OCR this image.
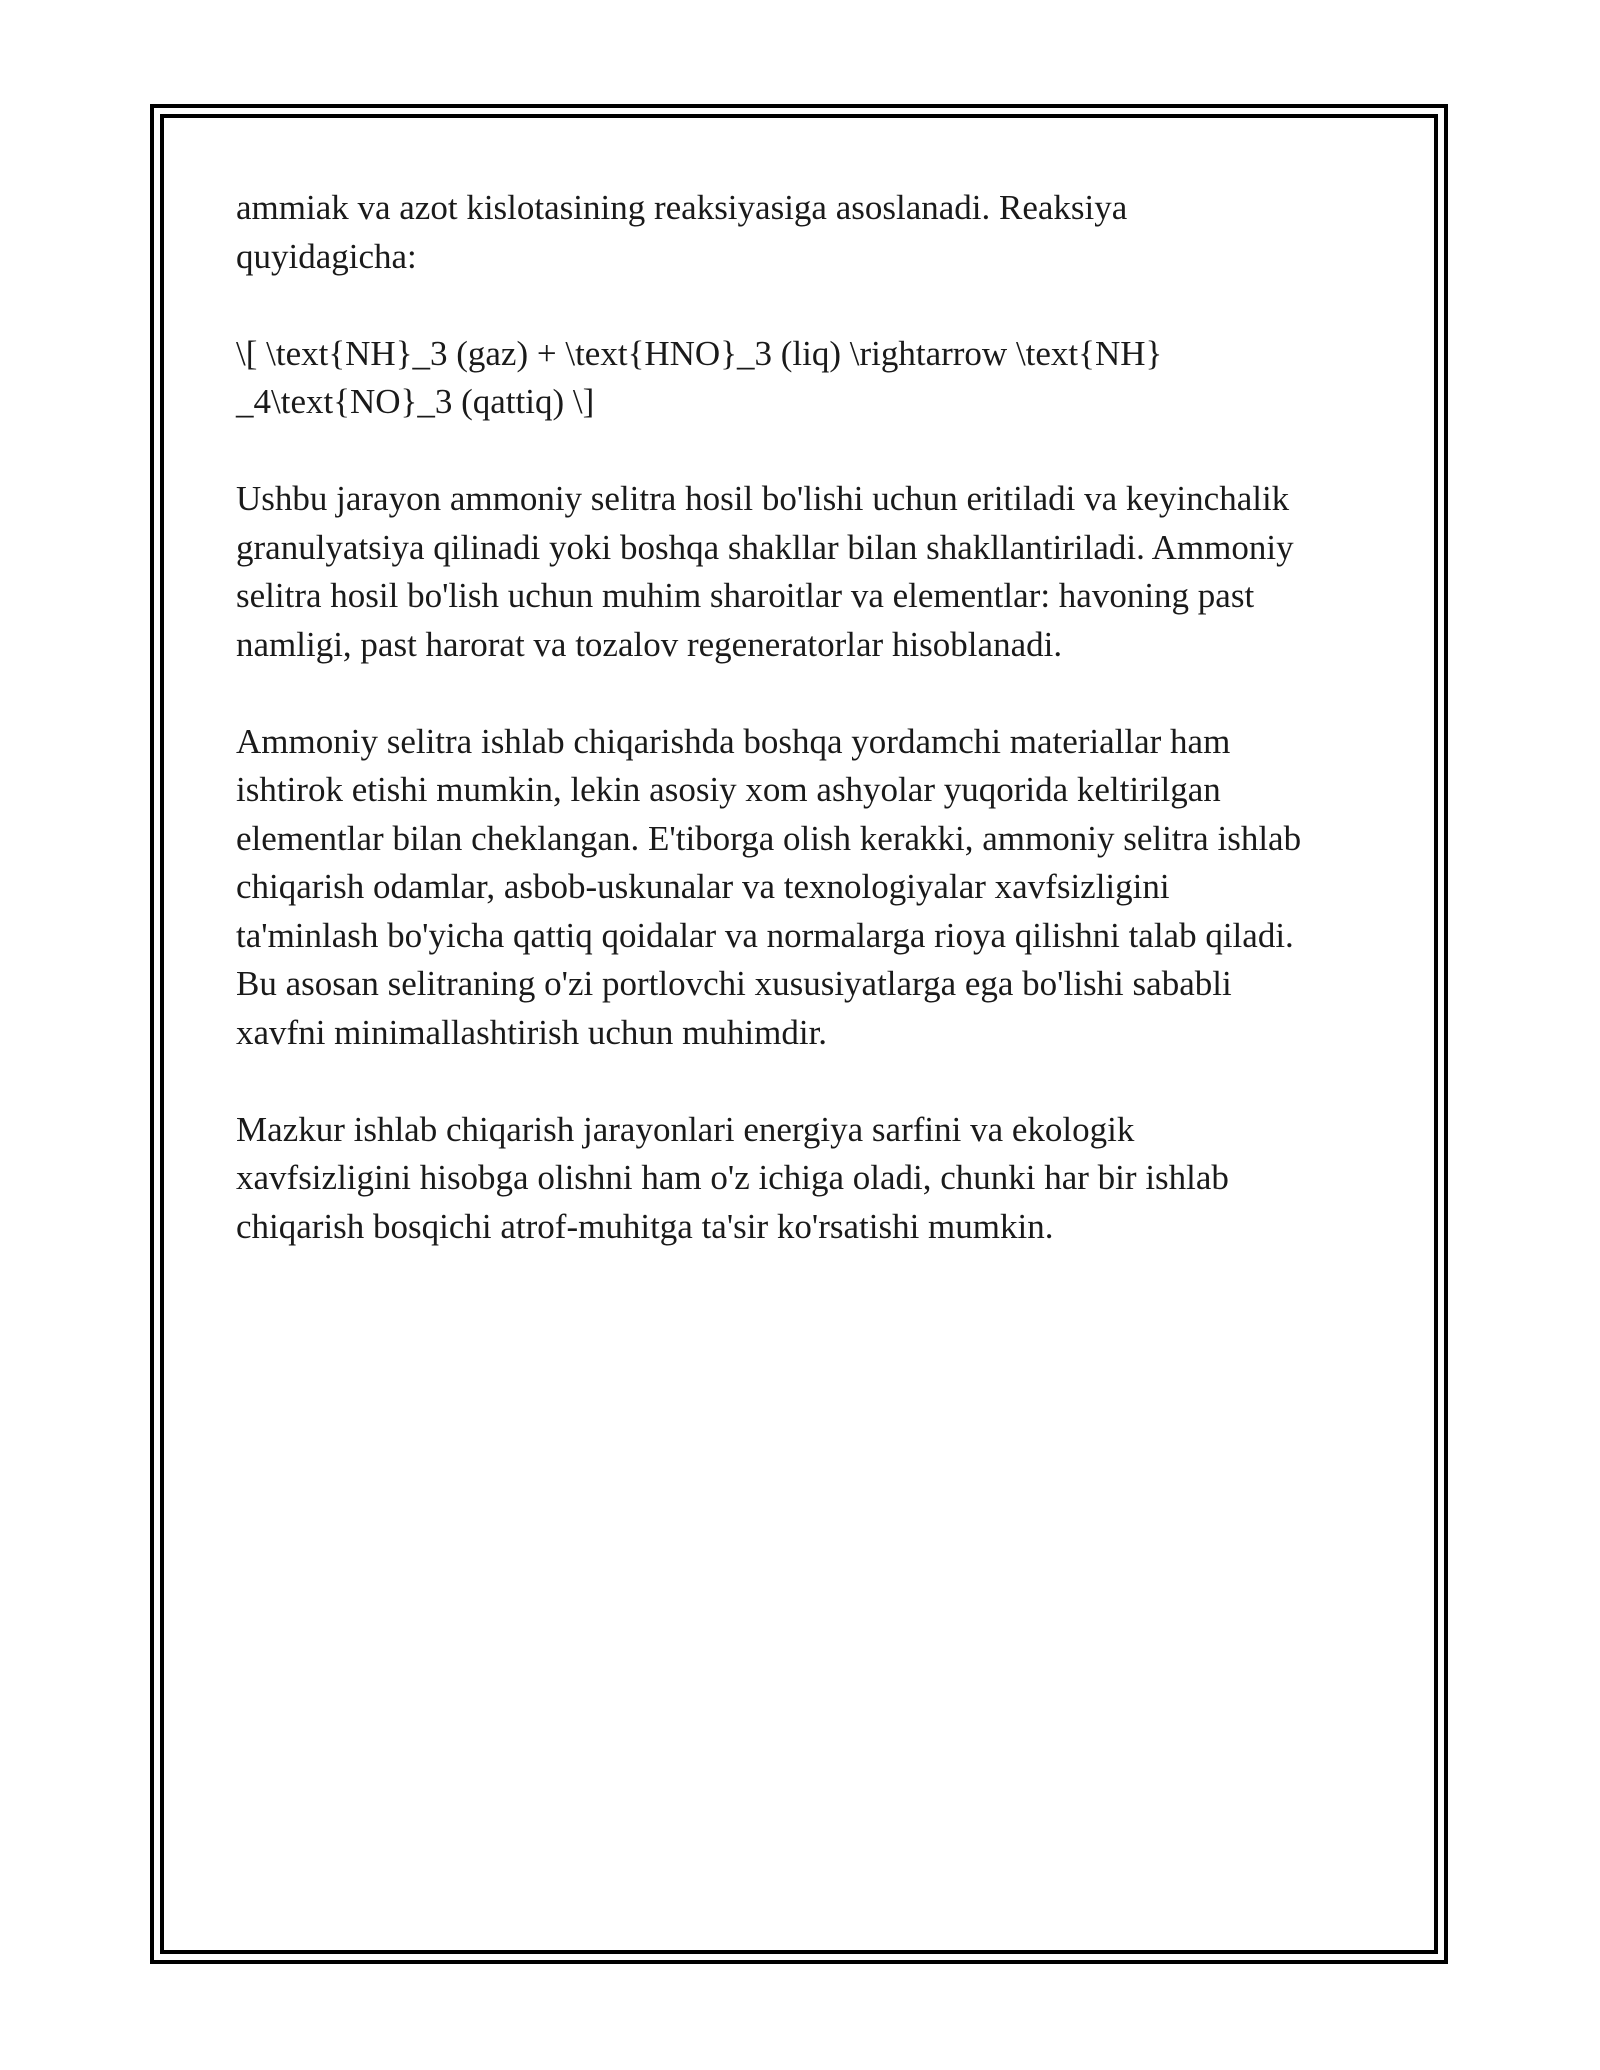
ammiak va azot kislotasining reaksiyasiga asoslanadi. Reaksiya
quyidagicha:

\[ \text{NH}_3 (gaz) + \text{HNO}_3 (liq) \rightarrow \text{NH}
_4\text{NO}_3 (qattiq) \]

Ushbu jarayon ammoniy selitra hosil bo'lishi uchun eritiladi va keyinchalik
granulyatsiya qilinadi yoki boshqa shakllar bilan shakllantiriladi. Ammoniy
selitra hosil bo'lish uchun muhim sharoitlar va elementlar: havoning past
namligi, past harorat va tozalov regeneratorlar hisoblanadi.

Ammoniy selitra ishlab chiqarishda boshqa yordamchi materiallar ham
ishtirok etishi mumkin, lekin asosiy xom ashyolar yuqorida keltirilgan
elementlar bilan cheklangan. E'tiborga olish kerakki, ammoniy selitra ishlab
chiqarish odamlar, asbob-uskunalar va texnologiyalar xavfsizligini
ta'minlash bo'yicha qattiq qoidalar va normalarga rioya qilishni talab qiladi.
Bu asosan selitraning o'zi portlovchi xususiyatlarga ega bo'lishi sababli
xavfni minimallashtirish uchun muhimdir.

Mazkur ishlab chiqarish jarayonlari energiya sarfini va ekologik
xavfsizligini hisobga olishni ham o'z ichiga oladi, chunki har bir ishlab
chiqarish bosqichi atrof-muhitga ta'sir ko'rsatishi mumkin.
